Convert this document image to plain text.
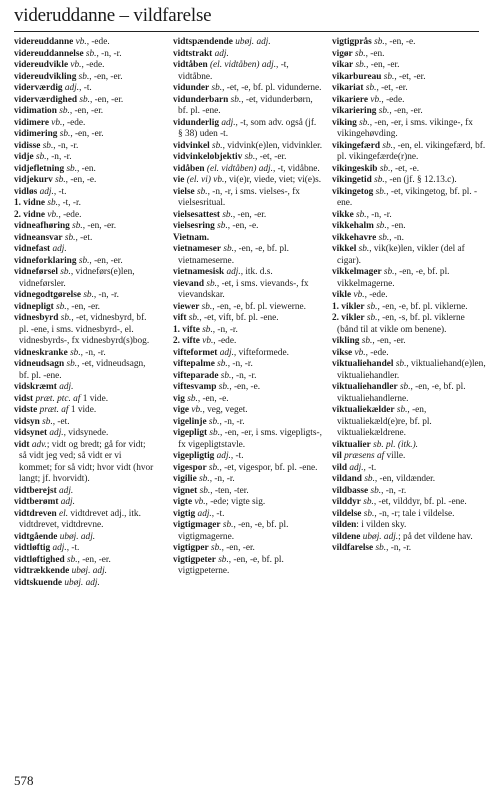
videruddanne – vildfarelse

videreuddanne vb., -ede.

videreuddannelse sb., -n, -r.

videreudvikle vb., -ede.

videreudvikling sb., -en, -er.

viderværdig adj., -t.

viderværdighed sb., -en, -er.

vidimation sb., -en, -er.

vidimere vb., -ede.

vidimering sb., -en, -er.

vidisse sb., -n, -r.

vidje sb., -n, -r.

vidjefletning sb., -en.

vidjekurv sb., -en, -e.

vidløs adj., -t.

1. vidne sb., -t, -r.

2. vidne vb., -ede.

vidneafhøring sb., -en, -er.

vidneansvar sb., -et.

vidnefast adj.

vidneforklaring sb., -en, -er.

vidneførsel sb., vidneførs(e)len, vidneførsler.

vidnegodtgørelse sb., -n, -r.

vidnepligt sb., -en, -er.

vidnesbyrd sb., -et, vidnesbyrd, bf. pl. -ene, i sms. vidnesbyrd-, el. vidnesbyrds-, fx vidnesbyrd(s)bog.

vidneskranke sb., -n, -r.

vidneudsagn sb., -et, vidneudsagn, bf. pl. -ene.

vidskræmt adj.

vidst præt. ptc. af 1 vide.

vidste præt. af 1 vide.

vidsyn sb., -et.

vidsynet adj., vidsynede.

vidt adv.; vidt og bredt; gå for vidt; så vidt jeg ved; så vidt er vi kommet; for så vidt; hvor vidt (hvor langt; jf. hvorvidt).

vidtberejst adj.

vidtberømt adj.

vidtdreven el. vidtdrevet adj., itk. vidtdrevet, vidtdrevne.

vidtgående ubøj. adj.

vidtløftig adj., -t.

vidtløftighed sb., -en, -er.

vidtrækkende ubøj. adj.

vidtskuende ubøj. adj.

vidtspændende ubøj. adj.

vidtstrakt adj.

vidtåben (el. vidtåben) adj., -t, vidtåbne.

vidunder sb., -et, -e, bf. pl. vidunderne.

vidunderbarn sb., -et, vidunderbørn, bf. pl. -ene.

vidunderlig adj., -t, som adv. også (jf. § 38) uden -t.

vidvinkel sb., vidvink(e)len, vidvinkler.

vidvinkelobjektiv sb., -et, -er.

vidåben (el. vidtåben) adj., -t, vidåbne.

vie (el. vi) vb., vi(e)r, viede, viet; vi(e)s.

vielse sb., -n, -r, i sms. vielses-, fx vielsesritual.

vielsesattest sb., -en, -er.

vielsesring sb., -en, -e.

Vietnam.

vietnameser sb., -en, -e, bf. pl. vietnameserne.

vietnamesisk adj., itk. d.s.

vievand sb., -et, i sms. vievands-, fx vievandskar.

viewer sb., -en, -e, bf. pl. viewerne.

vift sb., -et, vift, bf. pl. -ene.

1. vifte sb., -n, -r.

2. vifte vb., -ede.

vifteformet adj., vifteformede.

viftepalme sb., -n, -r.

vifteparade sb., -n, -r.

viftesvamp sb., -en, -e.

vig sb., -en, -e.

vige vb., veg, veget.

vigelinje sb., -n, -r.

vigepligt sb., -en, -er, i sms. vigepligts-, fx vigepligtstavle.

vigepligtig adj., -t.

vigespor sb., -et, vigespor, bf. pl. -ene.

vigilie sb., -n, -r.

vignet sb., -ten, -ter.

vigte vb., -ede; vigte sig.

vigtig adj., -t.

vigtigmager sb., -en, -e, bf. pl. vigtigmagerne.

vigtigper sb., -en, -er.

vigtigpeter sb., -en, -e, bf. pl. vigtigpeterne.

vigtigprås sb., -en, -e.

vigør sb., -en.

vikar sb., -en, -er.

vikarbureau sb., -et, -er.

vikariat sb., -et, -er.

vikariere vb., -ede.

vikariering sb., -en, -er.

viking sb., -en, -er, i sms. vikinge-, fx vikingehøvding.

vikingefærd sb., -en, el. vikingefærd, bf. pl. vikingefærde(r)ne.

vikingeskib sb., -et, -e.

vikingetid sb., -en (jf. § 12.13.c).

vikingetog sb., -et, vikingetog, bf. pl. -ene.

vikke sb., -n, -r.

vikkehalm sb., -en.

vikkehavre sb., -n.

vikkel sb., vik(ke)len, vikler (del af cigar).

vikkelmager sb., -en, -e, bf. pl. vikkelmagerne.

vikle vb., -ede.

1. vikler sb., -en, -e, bf. pl. viklerne.

2. vikler sb., -en, -s, bf. pl. viklerne (bånd til at vikle om benene).

vikling sb., -en, -er.

vikse vb., -ede.

viktualiehandel sb., viktualiehand(e)len, viktualiehandler.

viktualiehandler sb., -en, -e, bf. pl. viktualiehandlerne.

viktualiekælder sb., -en, viktualiekæld(e)re, bf. pl. viktualiekældrene.

viktualier sb. pl. (itk.).

vil præsens af ville.

vild adj., -t.

vildand sb., -en, vildænder.

vildbasse sb., -n, -r.

vilddyr sb., -et, vilddyr, bf. pl. -ene.

vildelse sb., -n, -r; tale i vildelse.

vilden: i vilden sky.

vildene ubøj. adj.; på det vildene hav.

vildfarelse sb., -n, -r.

578
